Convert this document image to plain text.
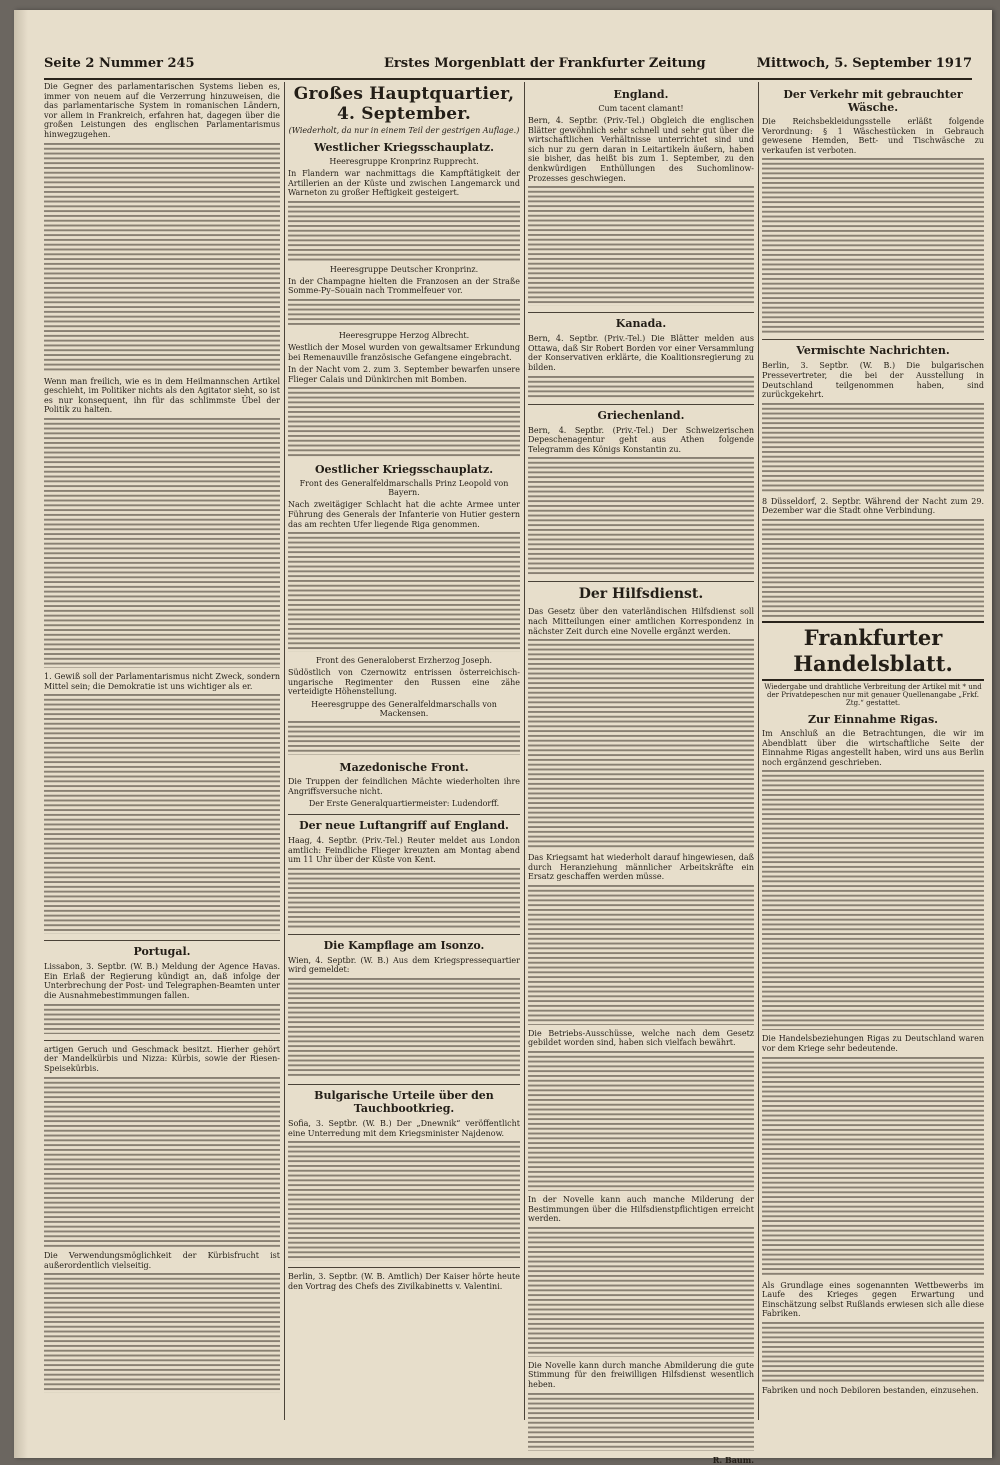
Seite 2 Nummer 245	Erstes Morgenblatt der Frankfurter Zeitung	Mittwoch, 5. September 1917

Die Gegner des parlamentarischen Systems lieben es, immer von neuem auf die Verzerrung hinzuweisen, die das parlamentarische System in romanischen Ländern, vor allem in Frankreich, erfahren hat, dagegen über die großen Leistungen des englischen Parlamentarismus hinwegzugehen.

Wenn man freilich, wie es in dem Heilmannschen Artikel geschieht, im Politiker nichts als den Agitator sieht, so ist es nur konsequent, ihn für das schlimmste Übel der Politik zu halten.

1. Gewiß soll der Parlamentarismus nicht Zweck, sondern Mittel sein; die Demokratie ist uns wichtiger als er.

Portugal.

Lissabon, 3. Septbr. (W. B.) Meldung der Agence Havas. Ein Erlaß der Regierung kündigt an, daß infolge der Unterbrechung der Post- und Telegraphen-Beamten unter die Ausnahmebestimmungen fallen.

artigen Geruch und Geschmack besitzt. Hierher gehört der Mandelkürbis und Nizza: Kürbis, sowie der Riesen-Speisekürbis.

Die Verwendungsmöglichkeit der Kürbisfrucht ist außerordentlich vielseitig.

Großes Hauptquartier, 4. September.
(Wiederholt, da nur in einem Teil der gestrigen Auflage.)
Westlicher Kriegsschauplatz.
Heeresgruppe Kronprinz Rupprecht.

In Flandern war nachmittags die Kampftätigkeit der Artillerien an der Küste und zwischen Langemarck und Warneton zu großer Heftigkeit gesteigert.

Heeresgruppe Deutscher Kronprinz.

In der Champagne hielten die Franzosen an der Straße Somme-Py–Souain nach Trommelfeuer vor.

Heeresgruppe Herzog Albrecht.

Westlich der Mosel wurden von gewaltsamer Erkundung bei Remenauville französische Gefangene eingebracht.

In der Nacht vom 2. zum 3. September bewarfen unsere Flieger Calais und Dünkirchen mit Bomben.

Oestlicher Kriegsschauplatz.
Front des Generalfeldmarschalls Prinz Leopold von Bayern.

Nach zweitägiger Schlacht hat die achte Armee unter Führung des Generals der Infanterie von Hutier gestern das am rechten Ufer liegende Riga genommen.

Front des Generaloberst Erzherzog Joseph.

Südöstlich von Czernowitz entrissen österreichisch-ungarische Regimenter den Russen eine zähe verteidigte Höhenstellung.

Heeresgruppe des Generalfeldmarschalls von Mackensen.
Mazedonische Front.

Die Truppen der feindlichen Mächte wiederholten ihre Angriffsversuche nicht.

Der Erste Generalquartiermeister: Ludendorff.
Der neue Luftangriff auf England.

Haag, 4. Septbr. (Priv.-Tel.) Reuter meldet aus London amtlich: Feindliche Flieger kreuzten am Montag abend um 11 Uhr über der Küste von Kent.

Die Kampflage am Isonzo.

Wien, 4. Septbr. (W. B.) Aus dem Kriegspressequartier wird gemeldet:

Bulgarische Urteile über den Tauchbootkrieg.

Sofia, 3. Septbr. (W. B.) Der „Dnewnik“ veröffentlicht eine Unterredung mit dem Kriegsminister Najdenow.

Berlin, 3. Septbr. (W. B. Amtlich) Der Kaiser hörte heute den Vortrag des Chefs des Zivilkabinetts v. Valentini.

England.
Cum tacent clamant!

Bern, 4. Septbr. (Priv.-Tel.) Obgleich die englischen Blätter gewöhnlich sehr schnell und sehr gut über die wirtschaftlichen Verhältnisse unterrichtet sind und sich nur zu gern daran in Leitartikeln äußern, haben sie bisher, das heißt bis zum 1. September, zu den denkwürdigen Enthüllungen des Suchomlinow-Prozesses geschwiegen.

Kanada.

Bern, 4. Septbr. (Priv.-Tel.) Die Blätter melden aus Ottawa, daß Sir Robert Borden vor einer Versammlung der Konservativen erklärte, die Koalitionsregierung zu bilden.

Griechenland.

Bern, 4. Septbr. (Priv.-Tel.) Der Schweizerischen Depeschenagentur geht aus Athen folgende Telegramm des Königs Konstantin zu.

Der Hilfsdienst.

Das Gesetz über den vaterländischen Hilfsdienst soll nach Mitteilungen einer amtlichen Korrespondenz in nächster Zeit durch eine Novelle ergänzt werden.

Das Kriegsamt hat wiederholt darauf hingewiesen, daß durch Heranziehung männlicher Arbeitskräfte ein Ersatz geschaffen werden müsse.

Die Betriebs-Ausschüsse, welche nach dem Gesetz gebildet worden sind, haben sich vielfach bewährt.

In der Novelle kann auch manche Milderung der Bestimmungen über die Hilfsdienstpflichtigen erreicht werden.

Die Novelle kann durch manche Abmilderung die gute Stimmung für den freiwilligen Hilfsdienst wesentlich heben.

R. Baum.
Der Verkehr mit gebrauchter Wäsche.

Die Reichsbekleidungsstelle erläßt folgende Verordnung: § 1 Wäschestücken in Gebrauch gewesene Hemden, Bett- und Tischwäsche zu verkaufen ist verboten.

Vermischte Nachrichten.

Berlin, 3. Septbr. (W. B.) Die bulgarischen Pressevertreter, die bei der Ausstellung in Deutschland teilgenommen haben, sind zurückgekehrt.

8 Düsseldorf, 2. Septbr. Während der Nacht zum 29. Dezember war die Stadt ohne Verbindung.

Frankfurter Handelsblatt.
Wiedergabe und drahtliche Verbreitung der Artikel mit * und der Privatdepeschen nur mit genauer Quellenangabe „Frkf. Ztg.“ gestattet.
Zur Einnahme Rigas.

Im Anschluß an die Betrachtungen, die wir im Abendblatt über die wirtschaftliche Seite der Einnahme Rigas angestellt haben, wird uns aus Berlin noch ergänzend geschrieben.

Die Handelsbeziehungen Rigas zu Deutschland waren vor dem Kriege sehr bedeutende.

Als Grundlage eines sogenannten Wettbewerbs im Laufe des Krieges gegen Erwartung und Einschätzung selbst Rußlands erwiesen sich alle diese Fabriken.

Fabriken und noch Debiloren bestanden, einzusehen.
